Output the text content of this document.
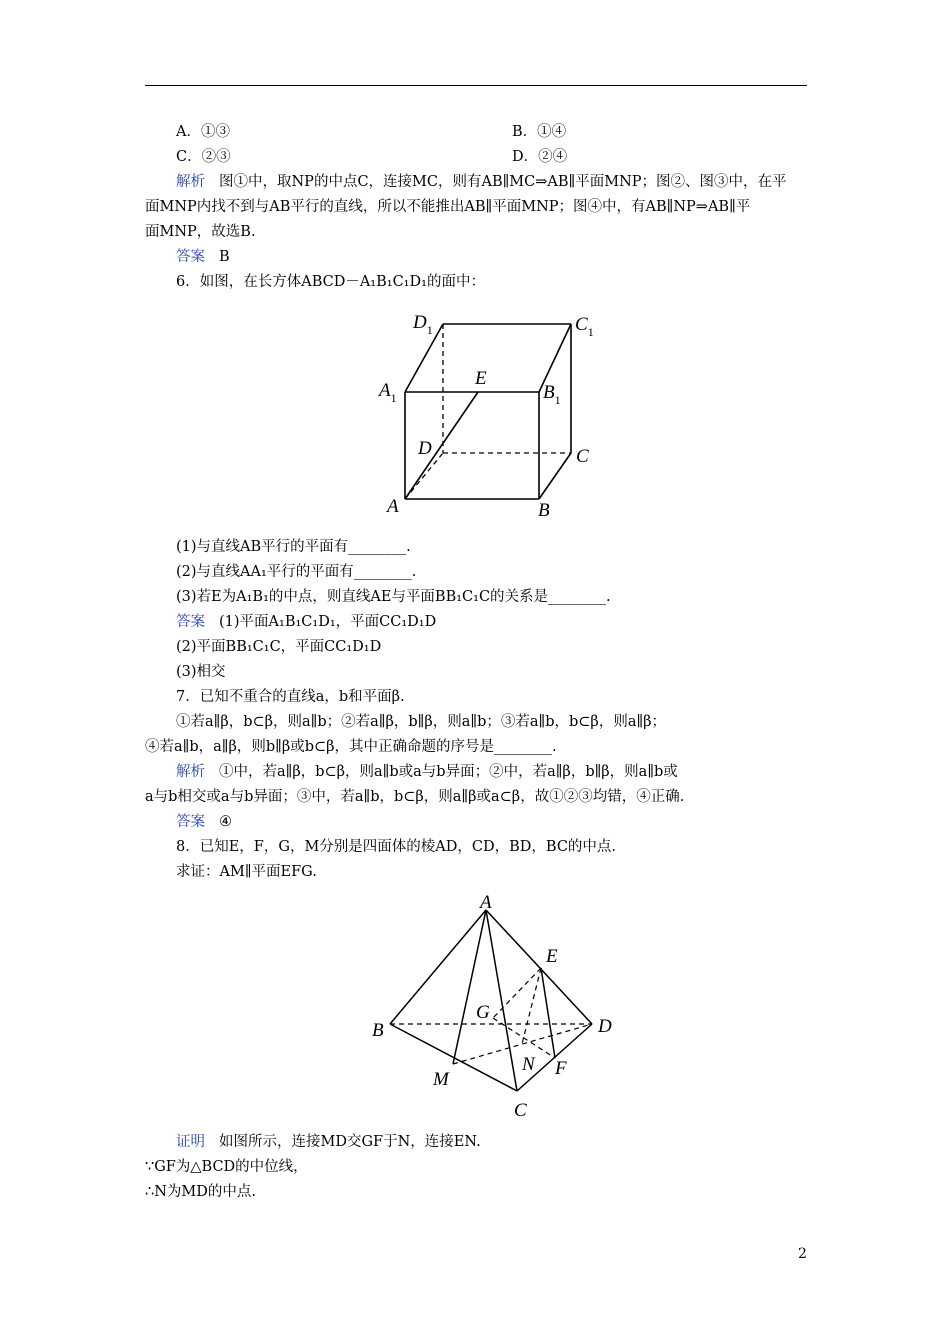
A．①③	B．①④
C．②③	D．②④
解析 图①中，取NP的中点C，连接MC，则有AB∥MC⇒AB∥平面MNP；图②、图③中，在平
面MNP内找不到与AB平行的直线，所以不能推出AB∥平面MNP；图④中，有AB∥NP⇒AB∥平
面MNP，故选B.
答案 B
6．如图，在长方体ABCD－A₁B₁C₁D₁的面中：
$D_1$	$C_1$
$A_1$
E
$B_1$
D	C
A	B
(1)与直线AB平行的平面有________.
(2)与直线AA₁平行的平面有________.
(3)若E为A₁B₁的中点，则直线AE与平面BB₁C₁C的关系是________.
答案 (1)平面A₁B₁C₁D₁，平面CC₁D₁D
(2)平面BB₁C₁C，平面CC₁D₁D
(3)相交
7．已知不重合的直线a，b和平面β.
①若a∥β，b⊂β，则a∥b；②若a∥β，b∥β，则a∥b；③若a∥b，b⊂β，则a∥β；
④若a∥b，a∥β，则b∥β或b⊂β，其中正确命题的序号是________.
解析 ①中，若a∥β，b⊂β，则a∥b或a与b异面；②中，若a∥β，b∥β，则a∥b或
a与b相交或a与b异面；③中，若a∥b，b⊂β，则a∥β或a⊂β，故①②③均错，④正确.
答案 ④
8．已知E，F，G，M分别是四面体的棱AD，CD，BD，BC的中点.
求证：AM∥平面EFG.
A
B	D
E
G
M
N F
C
证明 如图所示，连接MD交GF于N，连接EN.
∵GF为△BCD的中位线，
∴N为MD的中点.
2
